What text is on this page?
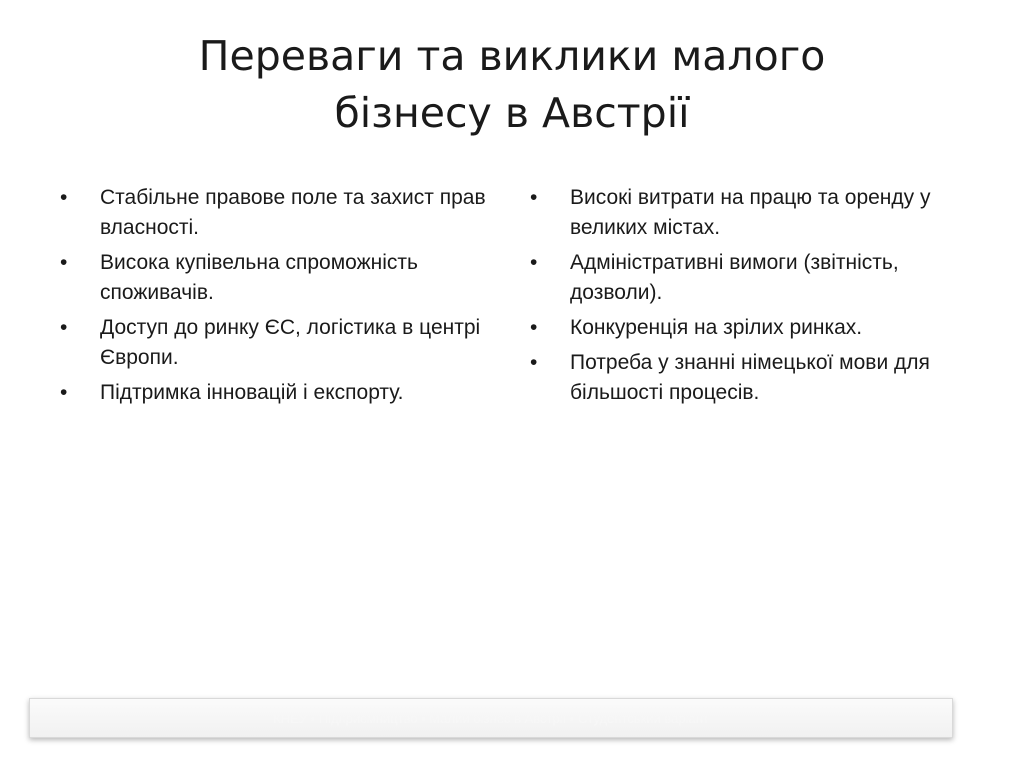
Переваги та виклики малого
бізнесу в Австрії
• Стабільне правове поле та захист прав власності.
• Висока купівельна спроможність споживачів.
• Доступ до ринку ЄС, логістика в центрі Європи.
• Підтримка інновацій і експорту.
• Високі витрати на працю та оренду у великих містах.
• Адміністративні вимоги (звітність, дозволи).
• Конкуренція на зрілих ринках.
• Потреба у знанні німецької мови для більшості процесів.
КНЕУ • Підприємництво • Малий бізнес в Австрії • Студентський варіант
